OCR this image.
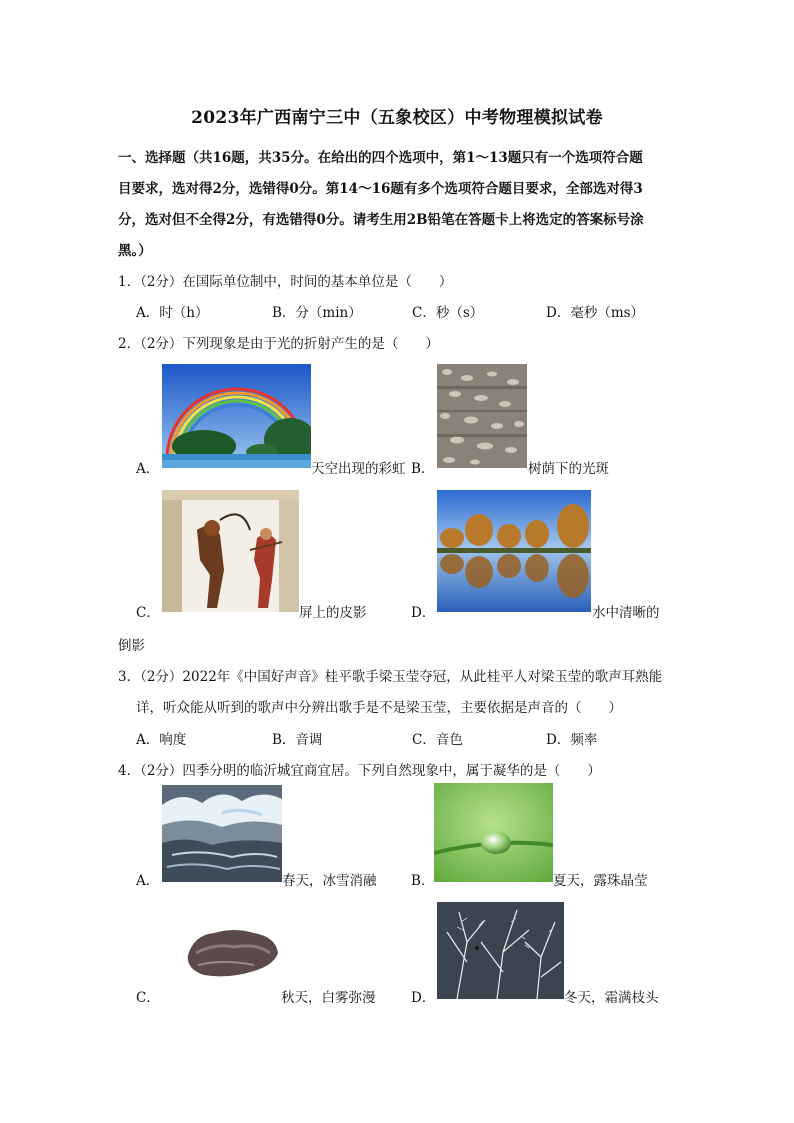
2023年广西南宁三中（五象校区）中考物理模拟试卷
一、选择题（共16题，共35分。在给出的四个选项中，第1～13题只有一个选项符合题
目要求，选对得2分，选错得0分。第14～16题有多个选项符合题目要求，全部选对得3
分，选对但不全得2分，有选错得0分。请考生用2B铅笔在答题卡上将选定的答案标号涂
黑。）
1．（2分）在国际单位制中，时间的基本单位是（　　）
A．时（h）	B．分（min）	C．秒（s）	D．毫秒（ms）
2．（2分）下列现象是由于光的折射产生的是（　　）
A．	天空出现的彩虹 B．	树荫下的光斑
C．	屏上的皮影	D．	水中清晰的
倒影
3．（2分）2022年《中国好声音》桂平歌手梁玉莹夺冠，从此桂平人对梁玉莹的歌声耳熟能
详，听众能从听到的歌声中分辨出歌手是不是梁玉莹，主要依据是声音的（　　）
A．响度	B．音调	C．音色	D．频率
4．（2分）四季分明的临沂城宜商宜居。下列自然现象中，属于凝华的是（　　）
A．	春天，冰雪消融	B．	夏天，露珠晶莹
C．	秋天，白雾弥漫	D．	冬天，霜满枝头
